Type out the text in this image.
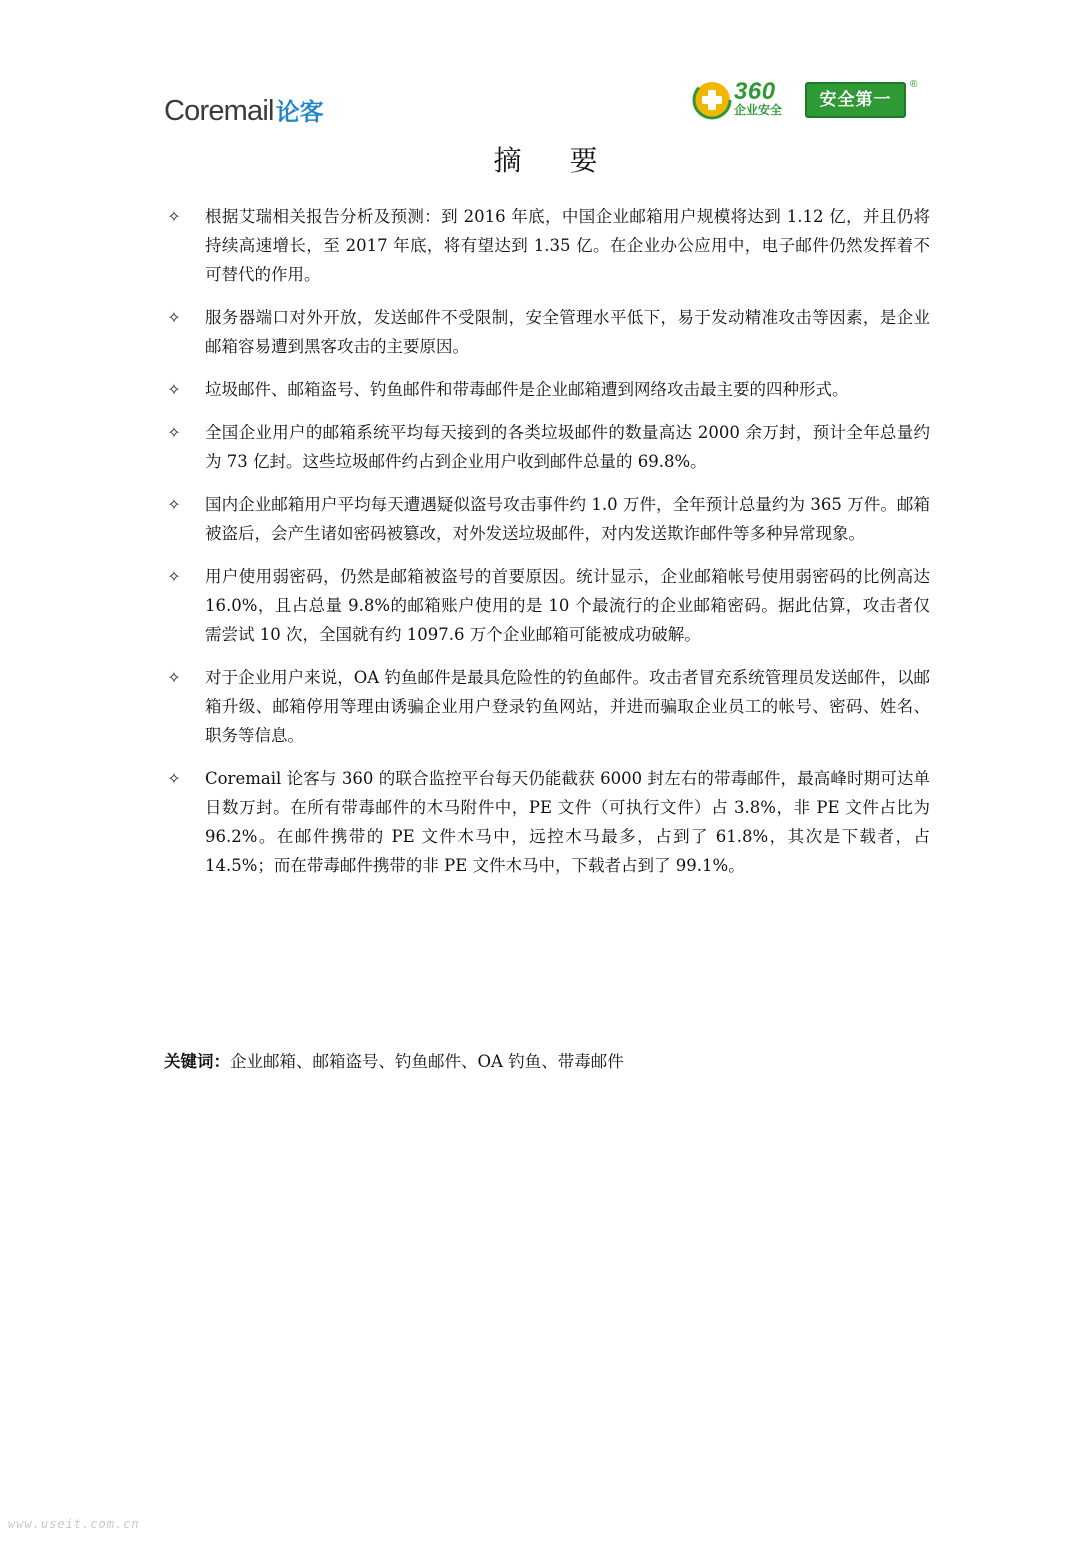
Coremail 论客
360
企业安全	安全第一
®
摘要
✧ 根据艾瑞相关报告分析及预测：到 2016 年底，中国企业邮箱用户规模将达到 1.12 亿，并且仍将持续高速增长，至 2017 年底，将有望达到 1.35 亿。在企业办公应用中，电子邮件仍然发挥着不可替代的作用。
✧ 服务器端口对外开放，发送邮件不受限制，安全管理水平低下，易于发动精准攻击等因素，是企业邮箱容易遭到黑客攻击的主要原因。
✧ 垃圾邮件、邮箱盗号、钓鱼邮件和带毒邮件是企业邮箱遭到网络攻击最主要的四种形式。
✧ 全国企业用户的邮箱系统平均每天接到的各类垃圾邮件的数量高达 2000 余万封，预计全年总量约为 73 亿封。这些垃圾邮件约占到企业用户收到邮件总量的 69.8%。
✧ 国内企业邮箱用户平均每天遭遇疑似盗号攻击事件约 1.0 万件，全年预计总量约为 365 万件。邮箱被盗后，会产生诸如密码被篡改，对外发送垃圾邮件，对内发送欺诈邮件等多种异常现象。
✧ 用户使用弱密码，仍然是邮箱被盗号的首要原因。统计显示，企业邮箱帐号使用弱密码的比例高达 16.0%，且占总量 9.8%的邮箱账户使用的是 10 个最流行的企业邮箱密码。据此估算，攻击者仅需尝试 10 次，全国就有约 1097.6 万个企业邮箱可能被成功破解。
✧ 对于企业用户来说，OA 钓鱼邮件是最具危险性的钓鱼邮件。攻击者冒充系统管理员发送邮件，以邮箱升级、邮箱停用等理由诱骗企业用户登录钓鱼网站，并进而骗取企业员工的帐号、密码、姓名、职务等信息。
✧ Coremail 论客与 360 的联合监控平台每天仍能截获 6000 封左右的带毒邮件，最高峰时期可达单日数万封。在所有带毒邮件的木马附件中，PE 文件（可执行文件）占 3.8%，非 PE 文件占比为 96.2%。在邮件携带的 PE 文件木马中，远控木马最多，占到了 61.8%，其次是下载者，占 14.5%；而在带毒邮件携带的非 PE 文件木马中，下载者占到了 99.1%。
关键词：企业邮箱、邮箱盗号、钓鱼邮件、OA 钓鱼、带毒邮件
www.useit.com.cn
